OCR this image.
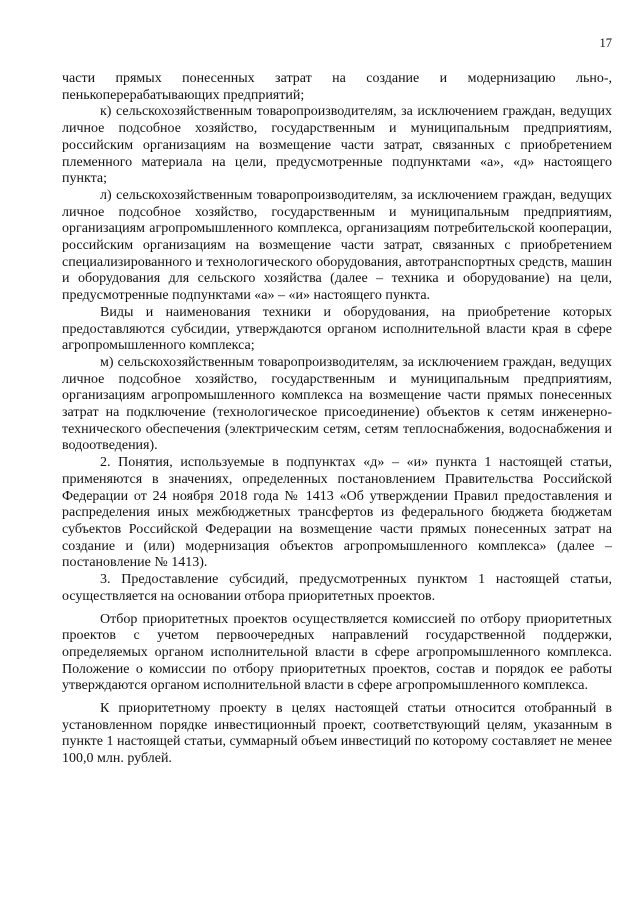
17

части прямых понесенных затрат на создание и модернизацию льно-, пенькоперерабатывающих предприятий;

к) сельскохозяйственным товаропроизводителям, за исключением граждан, ведущих личное подсобное хозяйство, государственным и муниципальным предприятиям, российским организациям на возмещение части затрат, связанных с приобретением племенного материала на цели, предусмотренные подпунктами «а», «д» настоящего пункта;

л) сельскохозяйственным товаропроизводителям, за исключением граждан, ведущих личное подсобное хозяйство, государственным и муниципальным предприятиям, организациям агропромышленного комплекса, организациям потребительской кооперации, российским организациям на возмещение части затрат, связанных с приобретением специализированного и технологического оборудования, автотранспортных средств, машин и оборудования для сельского хозяйства (далее – техника и оборудование) на цели, предусмотренные подпунктами «а» – «и» настоящего пункта.

Виды и наименования техники и оборудования, на приобретение которых предоставляются субсидии, утверждаются органом исполнительной власти края в сфере агропромышленного комплекса;

м) сельскохозяйственным товаропроизводителям, за исключением граждан, ведущих личное подсобное хозяйство, государственным и муниципальным предприятиям, организациям агропромышленного комплекса на возмещение части прямых понесенных затрат на подключение (технологическое присоединение) объектов к сетям инженерно-технического обеспечения (электрическим сетям, сетям теплоснабжения, водоснабжения и водоотведения).

2. Понятия, используемые в подпунктах «д» – «и» пункта 1 настоящей статьи, применяются в значениях, определенных постановлением Правительства Российской Федерации от 24 ноября 2018 года № 1413 «Об утверждении Правил предоставления и распределения иных межбюджетных трансфертов из федерального бюджета бюджетам субъектов Российской Федерации на возмещение части прямых понесенных затрат на создание и (или) модернизация объектов агропромышленного комплекса» (далее – постановление № 1413).

3. Предоставление субсидий, предусмотренных пунктом 1 настоящей статьи, осуществляется на основании отбора приоритетных проектов.

Отбор приоритетных проектов осуществляется комиссией по отбору приоритетных проектов с учетом первоочередных направлений государственной поддержки, определяемых органом исполнительной власти в сфере агропромышленного комплекса. Положение о комиссии по отбору приоритетных проектов, состав и порядок ее работы утверждаются органом исполнительной власти в сфере агропромышленного комплекса.

К приоритетному проекту в целях настоящей статьи относится отобранный в установленном порядке инвестиционный проект, соответствующий целям, указанным в пункте 1 настоящей статьи, суммарный объем инвестиций по которому составляет не менее 100,0 млн. рублей.
